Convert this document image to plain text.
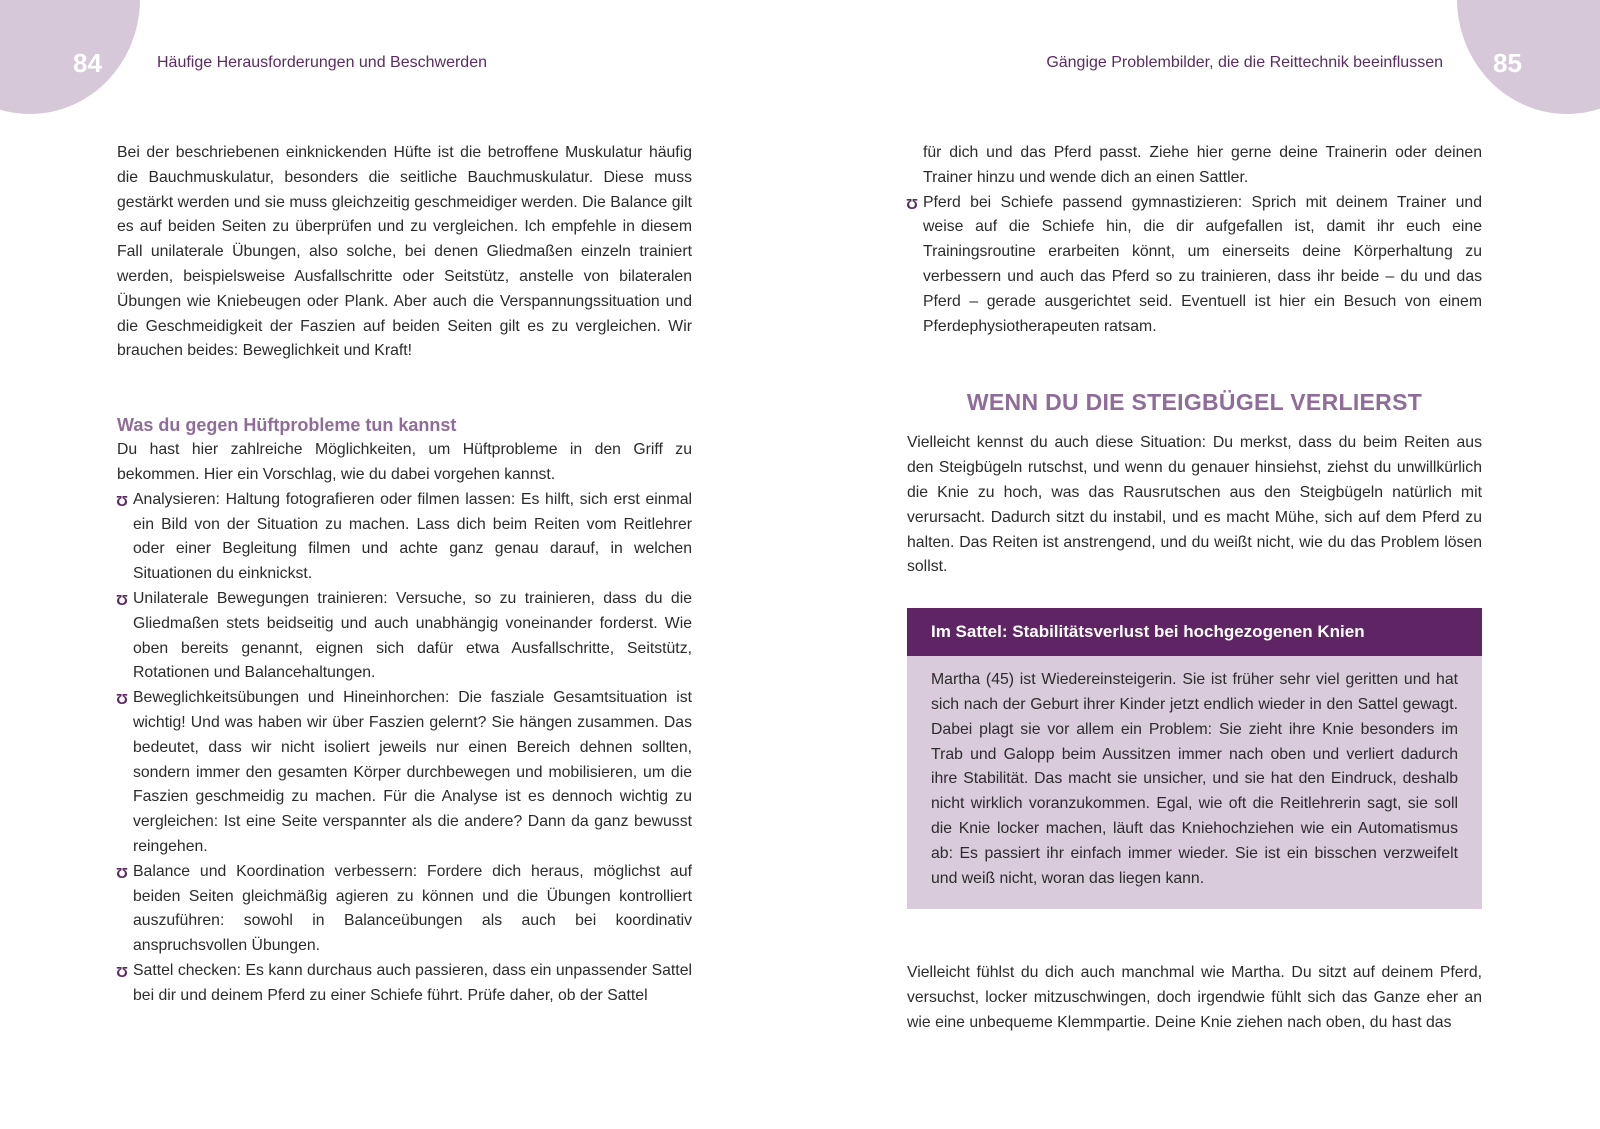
84	85
Häufige Herausforderungen und Beschwerden	Gängige Problembilder, die die Reittechnik beeinflussen

Bei der beschriebenen einknickenden Hüfte ist die betroffene Muskulatur häufig die Bauchmuskulatur, besonders die seitliche Bauchmuskulatur. Diese muss gestärkt werden und sie muss gleichzeitig geschmeidiger werden. Die Balance gilt es auf beiden Seiten zu überprüfen und zu vergleichen. Ich empfehle in diesem Fall unilaterale Übungen, also solche, bei denen Gliedmaßen einzeln trainiert werden, beispielsweise Ausfallschritte oder Seitstütz, anstelle von bilateralen Übungen wie Kniebeugen oder Plank. Aber auch die Verspannungssituation und die Geschmeidigkeit der Faszien auf beiden Seiten gilt es zu vergleichen. Wir brauchen beides: Beweglichkeit und Kraft!

Was du gegen Hüftprobleme tun kannst

Du hast hier zahlreiche Möglichkeiten, um Hüftprobleme in den Griff zu bekommen. Hier ein Vorschlag, wie du dabei vorgehen kannst.

Ʊ Analysieren: Haltung fotografieren oder filmen lassen: Es hilft, sich erst einmal ein Bild von der Situation zu machen. Lass dich beim Reiten vom Reitlehrer oder einer Begleitung filmen und achte ganz genau darauf, in welchen Situationen du einknickst.
Ʊ Unilaterale Bewegungen trainieren: Versuche, so zu trainieren, dass du die Gliedmaßen stets beidseitig und auch unabhängig voneinander forderst. Wie oben bereits genannt, eignen sich dafür etwa Ausfallschritte, Seitstütz, Rotationen und Balancehaltungen.
Ʊ Beweglichkeitsübungen und Hineinhorchen: Die fasziale Gesamtsituation ist wichtig! Und was haben wir über Faszien gelernt? Sie hängen zusammen. Das bedeutet, dass wir nicht isoliert jeweils nur einen Bereich dehnen sollten, sondern immer den gesamten Körper durchbewegen und mobilisieren, um die Faszien geschmeidig zu machen. Für die Analyse ist es dennoch wichtig zu vergleichen: Ist eine Seite verspannter als die andere? Dann da ganz bewusst reingehen.
Ʊ Balance und Koordination verbessern: Fordere dich heraus, möglichst auf beiden Seiten gleichmäßig agieren zu können und die Übungen kontrolliert auszuführen: sowohl in Balanceübungen als auch bei koordinativ anspruchsvollen Übungen.
Ʊ Sattel checken: Es kann durchaus auch passieren, dass ein unpassender Sattel bei dir und deinem Pferd zu einer Schiefe führt. Prüfe daher, ob der Sattel

für dich und das Pferd passt. Ziehe hier gerne deine Trainerin oder deinen Trainer hinzu und wende dich an einen Sattler.

Ʊ Pferd bei Schiefe passend gymnastizieren: Sprich mit deinem Trainer und weise auf die Schiefe hin, die dir aufgefallen ist, damit ihr euch eine Trainingsroutine erarbeiten könnt, um einerseits deine Körperhaltung zu verbessern und auch das Pferd so zu trainieren, dass ihr beide – du und das Pferd – gerade ausgerichtet seid. Eventuell ist hier ein Besuch von einem Pferdephysiotherapeuten ratsam.
WENN DU DIE STEIGBÜGEL VERLIERST

Vielleicht kennst du auch diese Situation: Du merkst, dass du beim Reiten aus den Steigbügeln rutschst, und wenn du genauer hinsiehst, ziehst du unwillkürlich die Knie zu hoch, was das Rausrutschen aus den Steigbügeln natürlich mit verursacht. Dadurch sitzt du instabil, und es macht Mühe, sich auf dem Pferd zu halten. Das Reiten ist anstrengend, und du weißt nicht, wie du das Problem lösen sollst.

Im Sattel: Stabilitätsverlust bei hochgezogenen Knien
Martha (45) ist Wiedereinsteigerin. Sie ist früher sehr viel geritten und hat sich nach der Geburt ihrer Kinder jetzt endlich wieder in den Sattel gewagt. Dabei plagt sie vor allem ein Problem: Sie zieht ihre Knie besonders im Trab und Galopp beim Aussitzen immer nach oben und verliert dadurch ihre Stabilität. Das macht sie unsicher, und sie hat den Eindruck, deshalb nicht wirklich voranzukommen. Egal, wie oft die Reitlehrerin sagt, sie soll die Knie locker machen, läuft das Kniehochziehen wie ein Automatismus ab: Es passiert ihr einfach immer wieder. Sie ist ein bisschen verzweifelt und weiß nicht, woran das liegen kann.

Vielleicht fühlst du dich auch manchmal wie Martha. Du sitzt auf deinem Pferd, versuchst, locker mitzuschwingen, doch irgendwie fühlt sich das Ganze eher an wie eine unbequeme Klemmpartie. Deine Knie ziehen nach oben, du hast das
